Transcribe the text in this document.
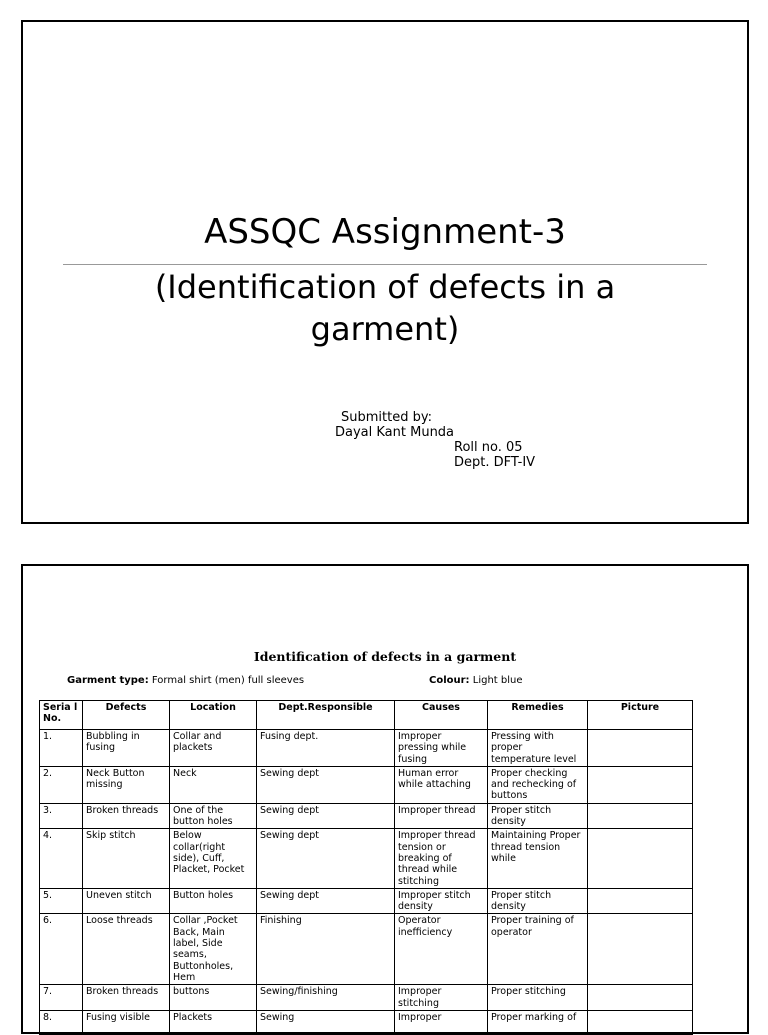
ASSQC Assignment-3
(Identification of defects in a garment)
Submitted by:
Dayal Kant Munda
Roll no. 05
Dept. DFT-IV
Identification of defects in a garment
Garment type: Formal shirt (men) full sleeves	Colour: Light blue
Seria l No.	Defects	Location	Dept.Responsible	Causes	Remedies	Picture
1.	Bubbling in fusing	Collar and plackets	Fusing dept.	Improper pressing while fusing	Pressing with proper temperature level	
2.	Neck Button missing	Neck	Sewing dept	Human error while attaching	Proper checking and rechecking of buttons	
3.	Broken threads	One of the button holes	Sewing dept	Improper thread	Proper stitch density	
4.	Skip stitch	Below collar(right side), Cuff, Placket, Pocket	Sewing dept	Improper thread tension or breaking of thread while stitching	Maintaining Proper thread tension while	
5.	Uneven stitch	Button holes	Sewing dept	Improper stitch density	Proper stitch density	
6.	Loose threads	Collar ,Pocket Back, Main label, Side seams, Buttonholes, Hem	Finishing	Operator inefficiency	Proper training of operator	
7.	Broken threads	buttons	Sewing/finishing	Improper stitching	Proper stitching	
8.	Fusing visible	Plackets	Sewing	Improper	Proper marking of	
